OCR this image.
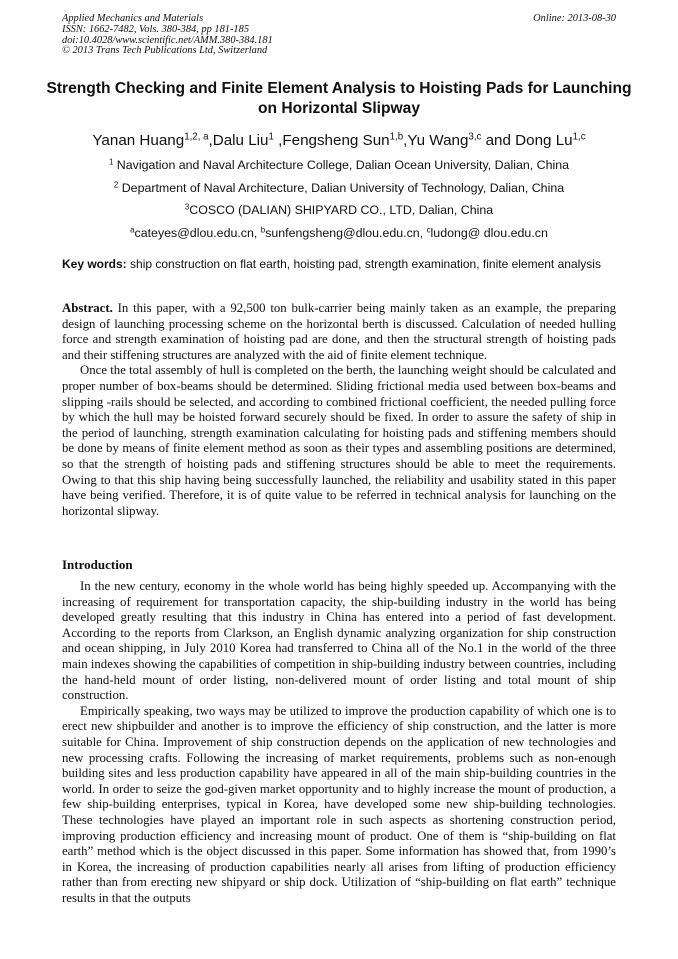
Applied Mechanics and Materials
ISSN: 1662-7482, Vols. 380-384, pp 181-185
doi:10.4028/www.scientific.net/AMM.380-384.181
© 2013 Trans Tech Publications Ltd, Switzerland
Online: 2013-08-30
Strength Checking and Finite Element Analysis to Hoisting Pads for Launching on Horizontal Slipway
Yanan Huang$^{1,2, a}$,Dalu Liu$^1$ ,Fengsheng Sun$^{1,b}$,Yu Wang$^{3,c}$ and Dong Lu$^{1,c}$
$^1$ Navigation and Naval Architecture College, Dalian Ocean University, Dalian, China
$^2$ Department of Naval Architecture, Dalian University of Technology, Dalian, China
$^3$COSCO (DALIAN) SHIPYARD CO., LTD, Dalian, China
$^a$cateyes@dlou.edu.cn, $^b$sunfengsheng@dlou.edu.cn, $^c$ludong@ dlou.edu.cn
Key words: ship construction on flat earth, hoisting pad, strength examination, finite element analysis

Abstract. In this paper, with a 92,500 ton bulk-carrier being mainly taken as an example, the preparing design of launching processing scheme on the horizontal berth is discussed. Calculation of needed hulling force and strength examination of hoisting pad are done, and then the structural strength of hoisting pads and their stiffening structures are analyzed with the aid of finite element technique.

Once the total assembly of hull is completed on the berth, the launching weight should be calculated and proper number of box-beams should be determined. Sliding frictional media used between box-beams and slipping -rails should be selected, and according to combined frictional coefficient, the needed pulling force by which the hull may be hoisted forward securely should be fixed. In order to assure the safety of ship in the period of launching, strength examination calculating for hoisting pads and stiffening members should be done by means of finite element method as soon as their types and assembling positions are determined, so that the strength of hoisting pads and stiffening structures should be able to meet the requirements. Owing to that this ship having being successfully launched, the reliability and usability stated in this paper have being verified. Therefore, it is of quite value to be referred in technical analysis for launching on the horizontal slipway.

Introduction

In the new century, economy in the whole world has being highly speeded up. Accompanying with the increasing of requirement for transportation capacity, the ship-building industry in the world has being developed greatly resulting that this industry in China has entered into a period of fast development. According to the reports from Clarkson, an English dynamic analyzing organization for ship construction and ocean shipping, in July 2010 Korea had transferred to China all of the No.1 in the world of the three main indexes showing the capabilities of competition in ship-building industry between countries, including the hand-held mount of order listing, non-delivered mount of order listing and total mount of ship construction.

Empirically speaking, two ways may be utilized to improve the production capability of which one is to erect new shipbuilder and another is to improve the efficiency of ship construction, and the latter is more suitable for China. Improvement of ship construction depends on the application of new technologies and new processing crafts. Following the increasing of market requirements, problems such as non-enough building sites and less production capability have appeared in all of the main ship-building countries in the world. In order to seize the god-given market opportunity and to highly increase the mount of production, a few ship-building enterprises, typical in Korea, have developed some new ship-building technologies. These technologies have played an important role in such aspects as shortening construction period, improving production efficiency and increasing mount of product. One of them is “ship-building on flat earth” method which is the object discussed in this paper. Some information has showed that, from 1990’s in Korea, the increasing of production capabilities nearly all arises from lifting of production efficiency rather than from erecting new shipyard or ship dock. Utilization of “ship-building on flat earth” technique results in that the outputs
